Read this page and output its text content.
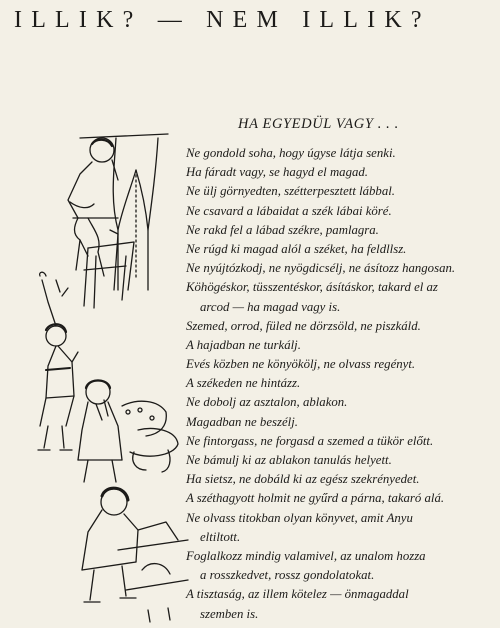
ILLIK? — NEM ILLIK?
HA EGYEDÜL VAGY . . .
Ne gondold soha, hogy úgyse látja senki.
Ha fáradt vagy, se hagyd el magad.
Ne ülj görnyedten, szétterpesztett lábbal.
Ne csavard a lábaidat a szék lábai köré.
Ne rakd fel a lábad székre, pamlagra.
Ne rúgd ki magad alól a széket, ha feldllsz.
Ne nyújtózkodj, ne nyögdicsélj, ne ásítozz hangosan.
Köhögéskor, tüsszentéskor, ásításkor, takard el az
arcod — ha magad vagy is.
Szemed, orrod, füled ne dörzsöld, ne piszkáld.
A hajadban ne turkálj.
Evés közben ne könyökölj, ne olvass regényt.
A székeden ne hintázz.
Ne dobolj az asztalon, ablakon.
Magadban ne beszélj.
Ne fintorgass, ne forgasd a szemed a tükör előtt.
Ne bámulj ki az ablakon tanulás helyett.
Ha sietsz, ne dobáld ki az egész szekrényedet.
A széthagyott holmit ne gyűrd a párna, takaró alá.
Ne olvass titokban olyan könyvet, amit Anyu
eltiltott.
Foglalkozz mindig valamivel, az unalom hozza
a rosszkedvet, rossz gondolatokat.
A tisztaság, az illem kötelez — önmagaddal
szemben is.
